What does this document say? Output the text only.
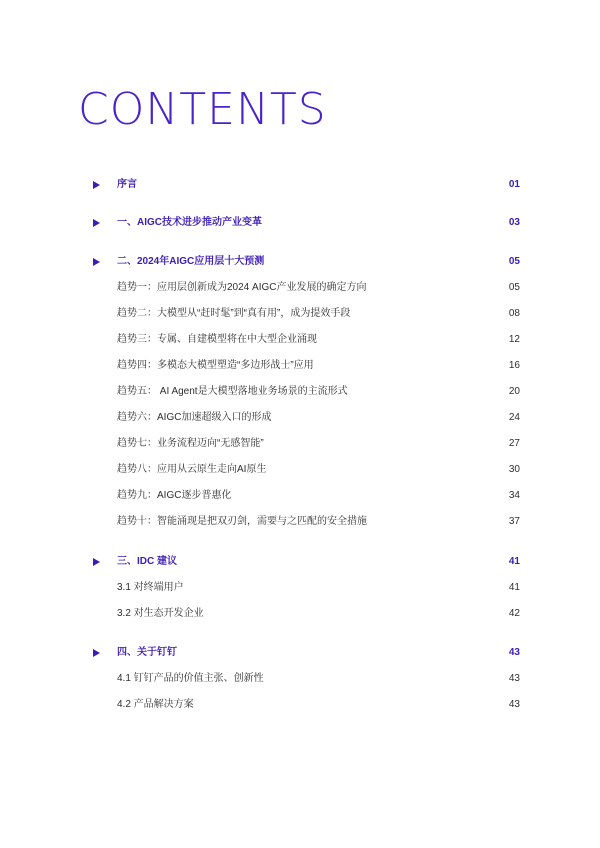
CONTENTS
序言	01
一、AIGC技术进步推动产业变革	03
二、2024年AIGC应用层十大预测	05
趋势一：应用层创新成为2024 AIGC产业发展的确定方向	05
趋势二：大模型从“赶时髦”到“真有用”，成为提效手段	08
趋势三：专属、自建模型将在中大型企业涌现	12
趋势四：多模态大模型塑造“多边形战士”应用	16
趋势五： AI Agent是大模型落地业务场景的主流形式	20
趋势六：AIGC加速超级入口的形成	24
趋势七：业务流程迈向“无感智能”	27
趋势八：应用从云原生走向AI原生	30
趋势九：AIGC逐步普惠化	34
趋势十：智能涌现是把双刃剑，需要与之匹配的安全措施	37
三、IDC 建议	41
3.1 对终端用户	41
3.2 对生态开发企业	42
四、关于钉钉	43
4.1 钉钉产品的价值主张、创新性	43
4.2 产品解决方案	43
